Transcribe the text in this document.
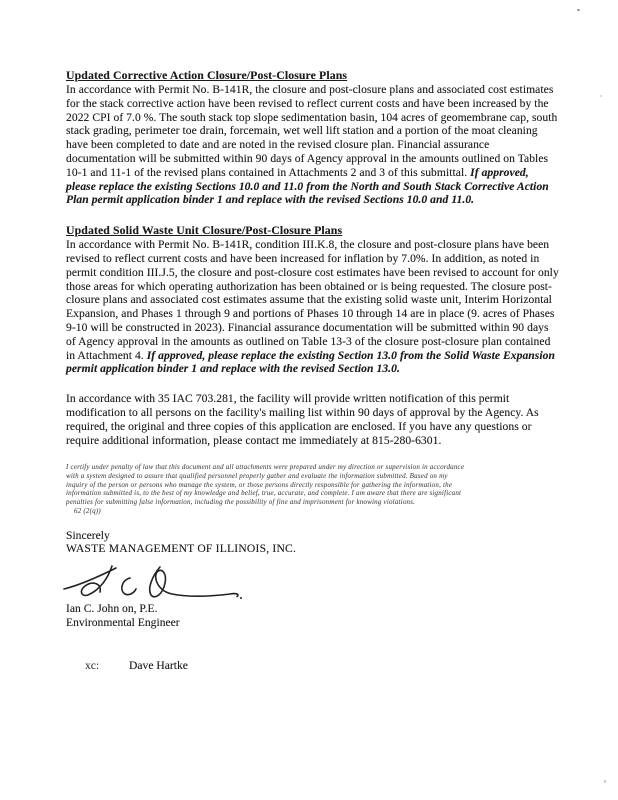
Updated Corrective Action Closure/Post-Closure Plans

In accordance with Permit No. B-141R, the closure and post-closure plans and associated cost estimates for the stack corrective action have been revised to reflect current costs and have been increased by the 2022 CPI of 7.0 %. The south stack top slope sedimentation basin, 104 acres of geomembrane cap, south stack grading, perimeter toe drain, forcemain, wet well lift station and a portion of the moat cleaning have been completed to date and are noted in the revised closure plan. Financial assurance documentation will be submitted within 90 days of Agency approval in the amounts outlined on Tables 10-1 and 11-1 of the revised plans contained in Attachments 2 and 3 of this submittal. If approved, please replace the existing Sections 10.0 and 11.0 from the North and South Stack Corrective Action Plan permit application binder 1 and replace with the revised Sections 10.0 and 11.0.

Updated Solid Waste Unit Closure/Post-Closure Plans

In accordance with Permit No. B-141R, condition III.K.8, the closure and post-closure plans have been revised to reflect current costs and have been increased for inflation by 7.0%. In addition, as noted in permit condition III.J.5, the closure and post-closure cost estimates have been revised to account for only those areas for which operating authorization has been obtained or is being requested. The closure post-closure plans and associated cost estimates assume that the existing solid waste unit, Interim Horizontal Expansion, and Phases 1 through 9 and portions of Phases 10 through 14 are in place (9. acres of Phases 9-10 will be constructed in 2023). Financial assurance documentation will be submitted within 90 days of Agency approval in the amounts as outlined on Table 13-3 of the closure post-closure plan contained in Attachment 4. If approved, please replace the existing Section 13.0 from the Solid Waste Expansion permit application binder 1 and replace with the revised Section 13.0.

In accordance with 35 IAC 703.281, the facility will provide written notification of this permit modification to all persons on the facility's mailing list within 90 days of approval by the Agency. As required, the original and three copies of this application are enclosed. If you have any questions or require additional information, please contact me immediately at 815-280-6301.

I certify under penalty of law that this document and all attachments were prepared under my direction or supervision in accordance
with a system designed to assure that qualified personnel properly gather and evaluate the information submitted. Based on my
inquiry of the person or persons who manage the system, or those persons directly responsible for gathering the information, the
information submitted is, to the best of my knowledge and belief, true, accurate, and complete. I am aware that there are significant
penalties for submitting false information, including the possibility of fine and imprisonment for knowing violations.
62 (2(q))

Sincerely

WASTE MANAGEMENT OF ILLINOIS, INC.

Ian C. John on, P.E.

Environmental Engineer

xc:	Dave Hartke
